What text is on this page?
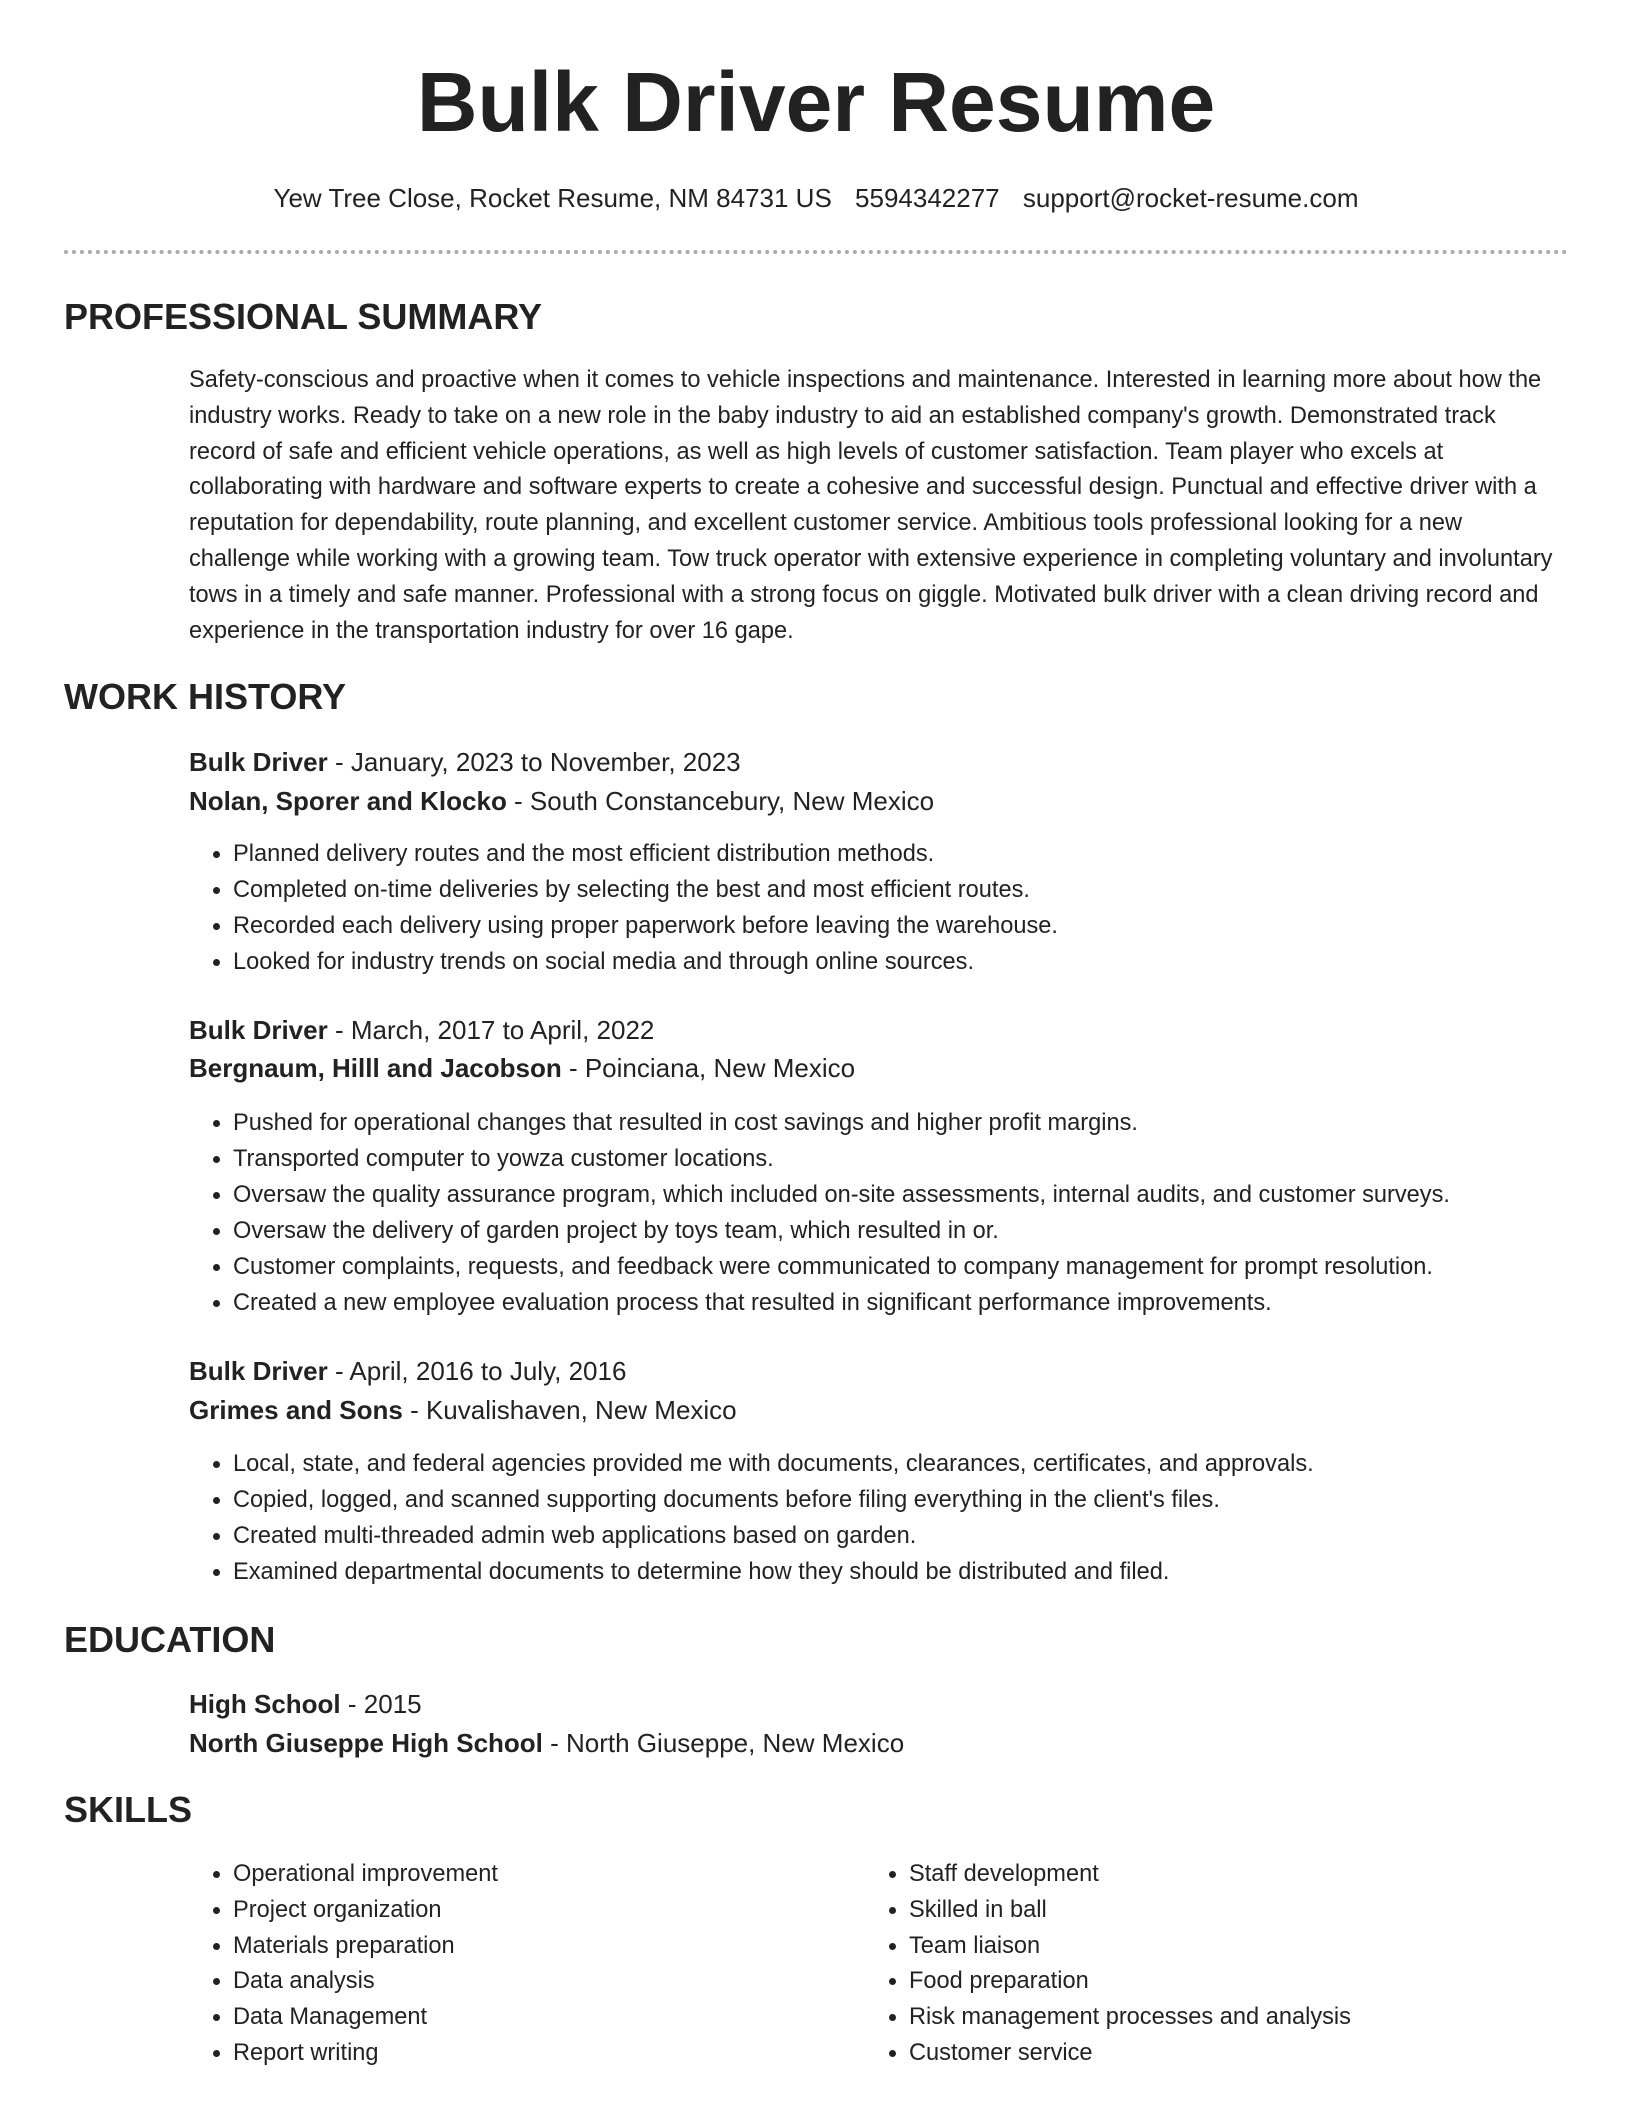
Bulk Driver Resume
Yew Tree Close, Rocket Resume, NM 84731 US 5594342277 support@rocket-resume.com
PROFESSIONAL SUMMARY

Safety-conscious and proactive when it comes to vehicle inspections and maintenance. Interested in learning more about how the industry works. Ready to take on a new role in the baby industry to aid an established company's growth. Demonstrated track record of safe and efficient vehicle operations, as well as high levels of customer satisfaction. Team player who excels at collaborating with hardware and software experts to create a cohesive and successful design. Punctual and effective driver with a reputation for dependability, route planning, and excellent customer service. Ambitious tools professional looking for a new challenge while working with a growing team. Tow truck operator with extensive experience in completing voluntary and involuntary tows in a timely and safe manner. Professional with a strong focus on giggle. Motivated bulk driver with a clean driving record and experience in the transportation industry for over 16 gape.

WORK HISTORY
Bulk Driver - January, 2023 to November, 2023
Nolan, Sporer and Klocko - South Constancebury, New Mexico
• Planned delivery routes and the most efficient distribution methods.
• Completed on-time deliveries by selecting the best and most efficient routes.
• Recorded each delivery using proper paperwork before leaving the warehouse.
• Looked for industry trends on social media and through online sources.
Bulk Driver - March, 2017 to April, 2022
Bergnaum, Hilll and Jacobson - Poinciana, New Mexico
• Pushed for operational changes that resulted in cost savings and higher profit margins.
• Transported computer to yowza customer locations.
• Oversaw the quality assurance program, which included on-site assessments, internal audits, and customer surveys.
• Oversaw the delivery of garden project by toys team, which resulted in or.
• Customer complaints, requests, and feedback were communicated to company management for prompt resolution.
• Created a new employee evaluation process that resulted in significant performance improvements.
Bulk Driver - April, 2016 to July, 2016
Grimes and Sons - Kuvalishaven, New Mexico
• Local, state, and federal agencies provided me with documents, clearances, certificates, and approvals.
• Copied, logged, and scanned supporting documents before filing everything in the client's files.
• Created multi-threaded admin web applications based on garden.
• Examined departmental documents to determine how they should be distributed and filed.
EDUCATION
High School - 2015
North Giuseppe High School - North Giuseppe, New Mexico
SKILLS
• Operational improvement
• Project organization
• Materials preparation
• Data analysis
• Data Management
• Report writing
• Staff development
• Skilled in ball
• Team liaison
• Food preparation
• Risk management processes and analysis
• Customer service
